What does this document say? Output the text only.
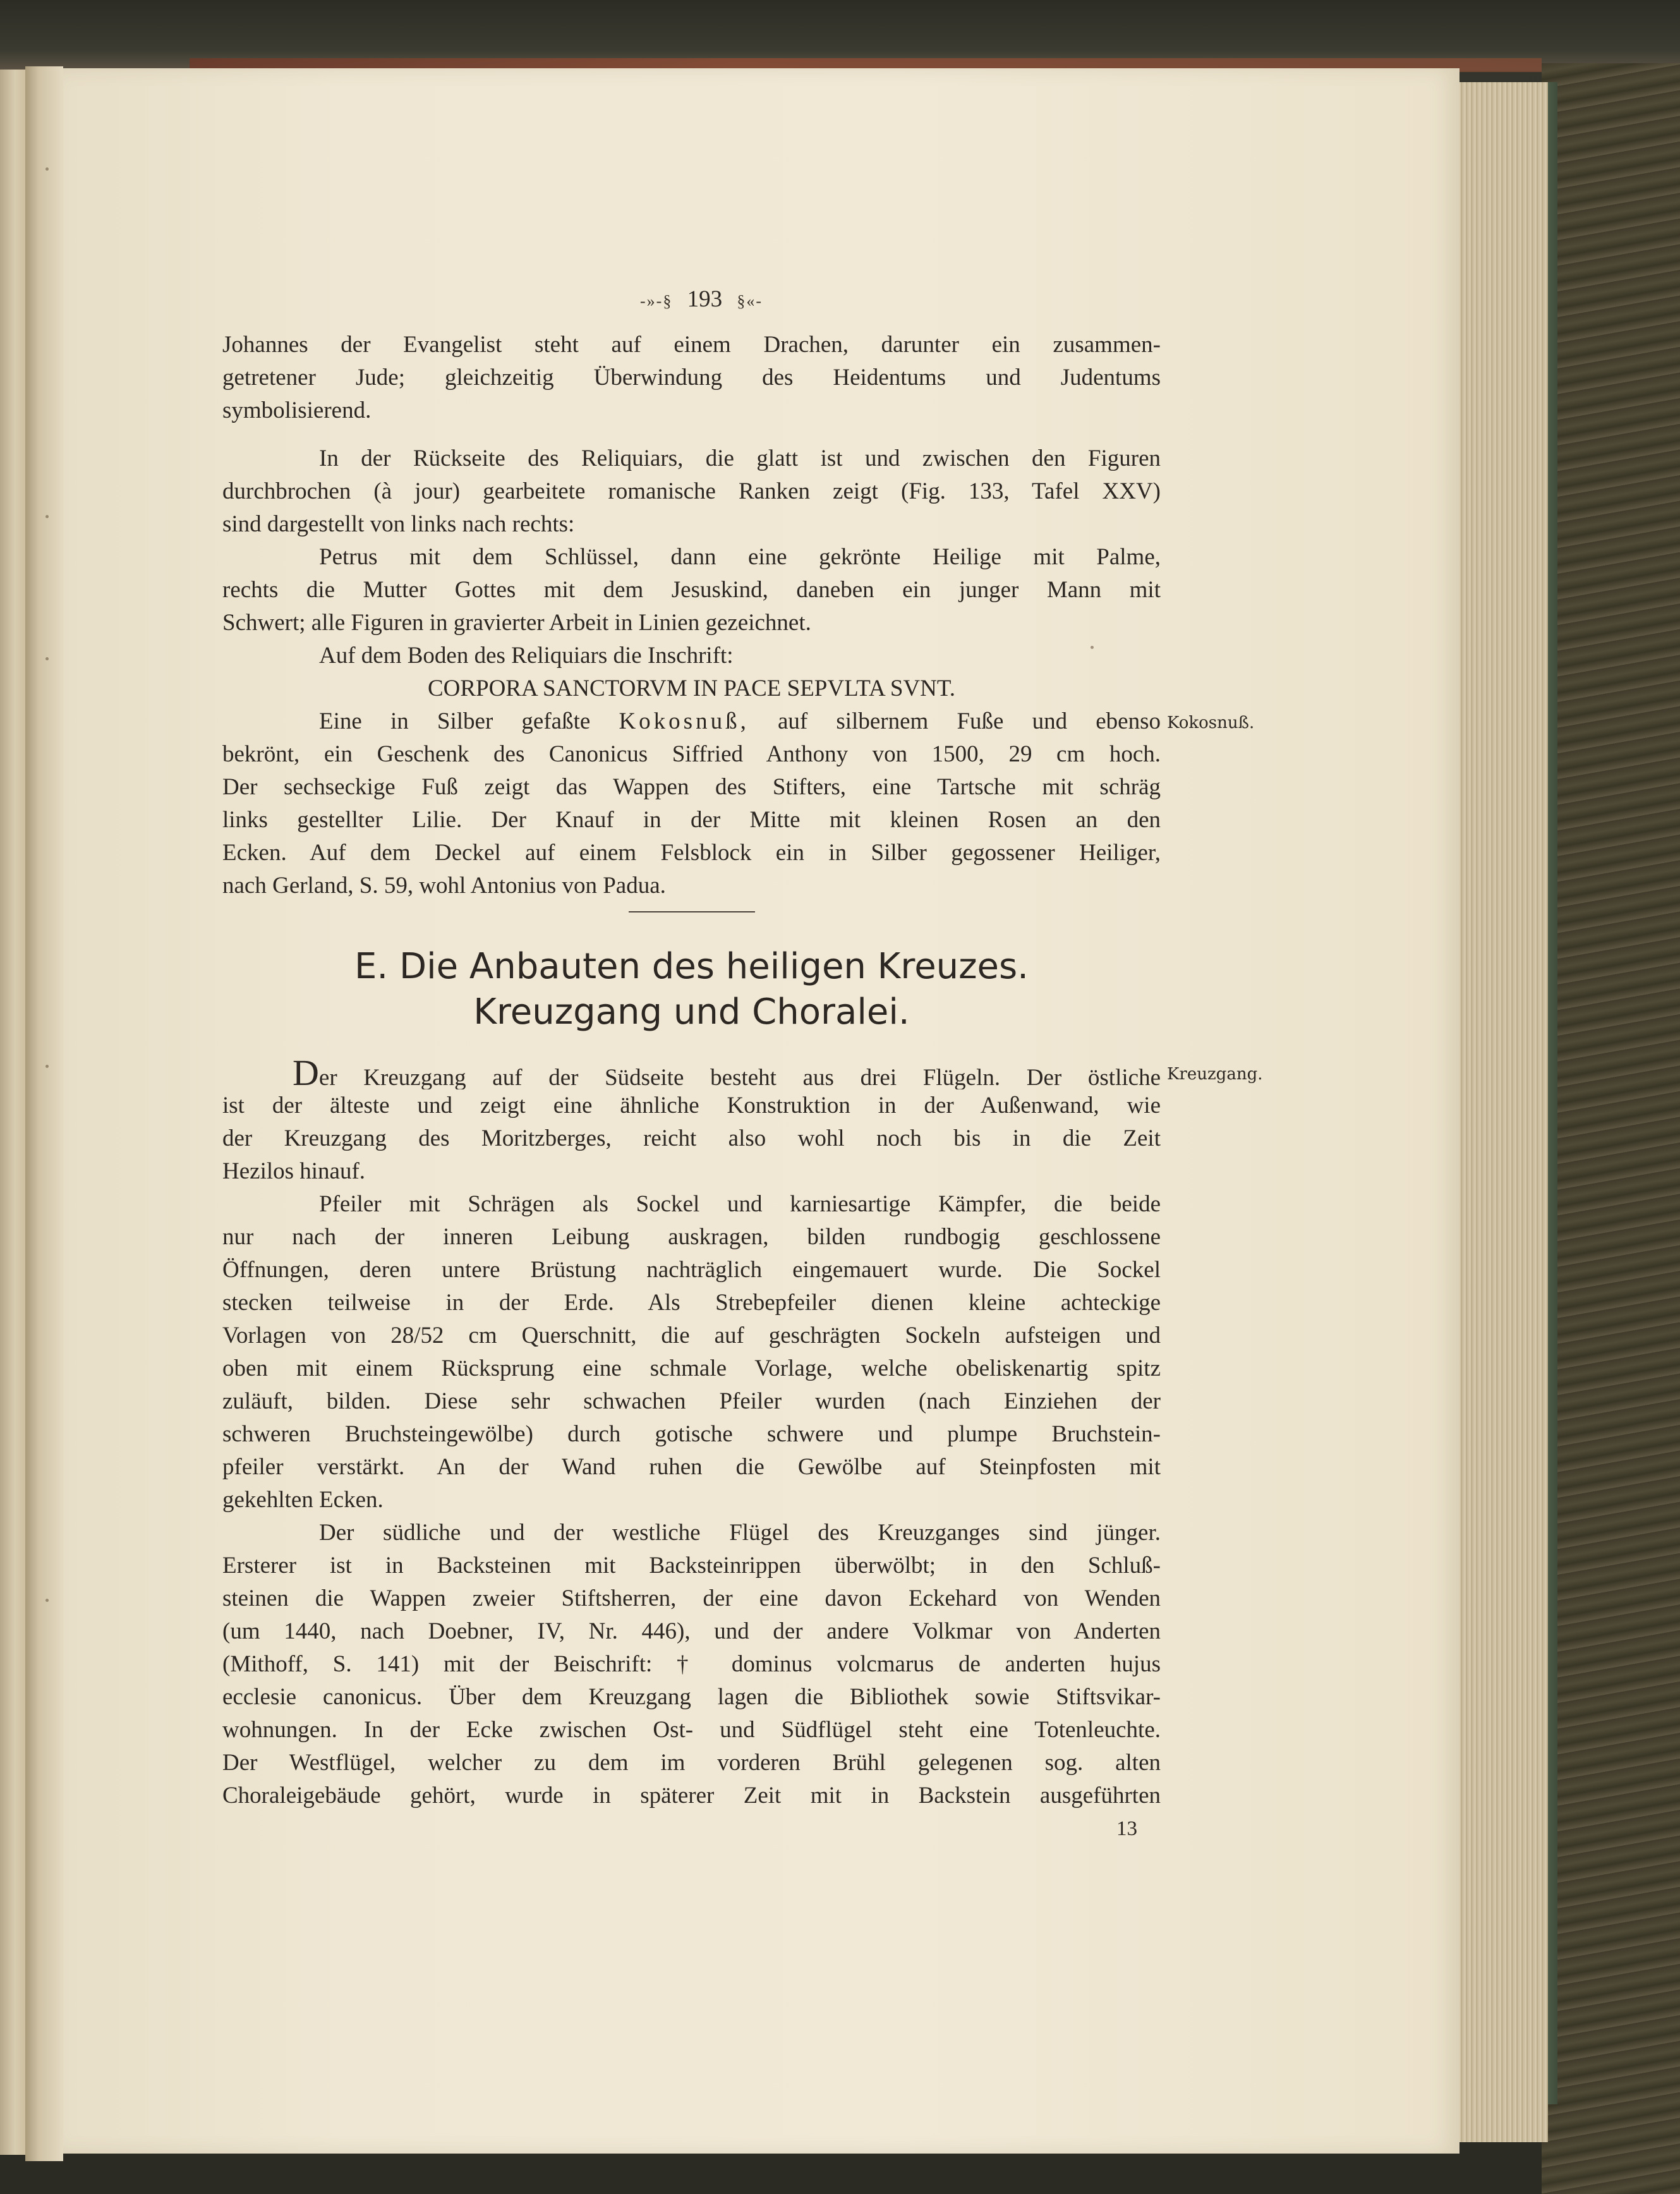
-»-§ 193 §«-
Johannes der Evangelist steht auf einem Drachen, darunter ein zusammen-
getretener Jude; gleichzeitig Überwindung des Heidentums und Judentums
symbolisierend.
In der Rückseite des Reliquiars, die glatt ist und zwischen den Figuren
durchbrochen (à jour) gearbeitete romanische Ranken zeigt (Fig. 133, Tafel XXV)
sind dargestellt von links nach rechts:
Petrus mit dem Schlüssel, dann eine gekrönte Heilige mit Palme,
rechts die Mutter Gottes mit dem Jesuskind, daneben ein junger Mann mit
Schwert; alle Figuren in gravierter Arbeit in Linien gezeichnet.
Auf dem Boden des Reliquiars die Inschrift:
CORPORA SANCTORVM IN PACE SEPVLTA SVNT.
Eine in Silber gefaßte Kokosnuß, auf silbernem Fuße und ebenso Kokosnuß.
bekrönt, ein Geschenk des Canonicus Siffried Anthony von 1500, 29 cm hoch.
Der sechseckige Fuß zeigt das Wappen des Stifters, eine Tartsche mit schräg
links gestellter Lilie. Der Knauf in der Mitte mit kleinen Rosen an den
Ecken. Auf dem Deckel auf einem Felsblock ein in Silber gegossener Heiliger,
nach Gerland, S. 59, wohl Antonius von Padua.
E. Die Anbauten des heiligen Kreuzes.
Kreuzgang und Choralei.
Der Kreuzgang auf der Südseite besteht aus drei Flügeln. Der östliche Kreuzgang.
ist der älteste und zeigt eine ähnliche Konstruktion in der Außenwand, wie
der Kreuzgang des Moritzberges, reicht also wohl noch bis in die Zeit
Hezilos hinauf.
Pfeiler mit Schrägen als Sockel und karniesartige Kämpfer, die beide
nur nach der inneren Leibung auskragen, bilden rundbogig geschlossene
Öffnungen, deren untere Brüstung nachträglich eingemauert wurde. Die Sockel
stecken teilweise in der Erde. Als Strebepfeiler dienen kleine achteckige
Vorlagen von 28/52 cm Querschnitt, die auf geschrägten Sockeln aufsteigen und
oben mit einem Rücksprung eine schmale Vorlage, welche obeliskenartig spitz
zuläuft, bilden. Diese sehr schwachen Pfeiler wurden (nach Einziehen der
schweren Bruchsteingewölbe) durch gotische schwere und plumpe Bruchstein-
pfeiler verstärkt. An der Wand ruhen die Gewölbe auf Steinpfosten mit
gekehlten Ecken.
Der südliche und der westliche Flügel des Kreuzganges sind jünger.
Ersterer ist in Backsteinen mit Backsteinrippen überwölbt; in den Schluß-
steinen die Wappen zweier Stiftsherren, der eine davon Eckehard von Wenden
(um 1440, nach Doebner, IV, Nr. 446), und der andere Volkmar von Anderten
(Mithoff, S. 141) mit der Beischrift: † dominus volcmarus de anderten hujus
ecclesie canonicus. Über dem Kreuzgang lagen die Bibliothek sowie Stiftsvikar-
wohnungen. In der Ecke zwischen Ost- und Südflügel steht eine Totenleuchte.
Der Westflügel, welcher zu dem im vorderen Brühl gelegenen sog. alten
Choraleigebäude gehört, wurde in späterer Zeit mit in Backstein ausgeführten
13
